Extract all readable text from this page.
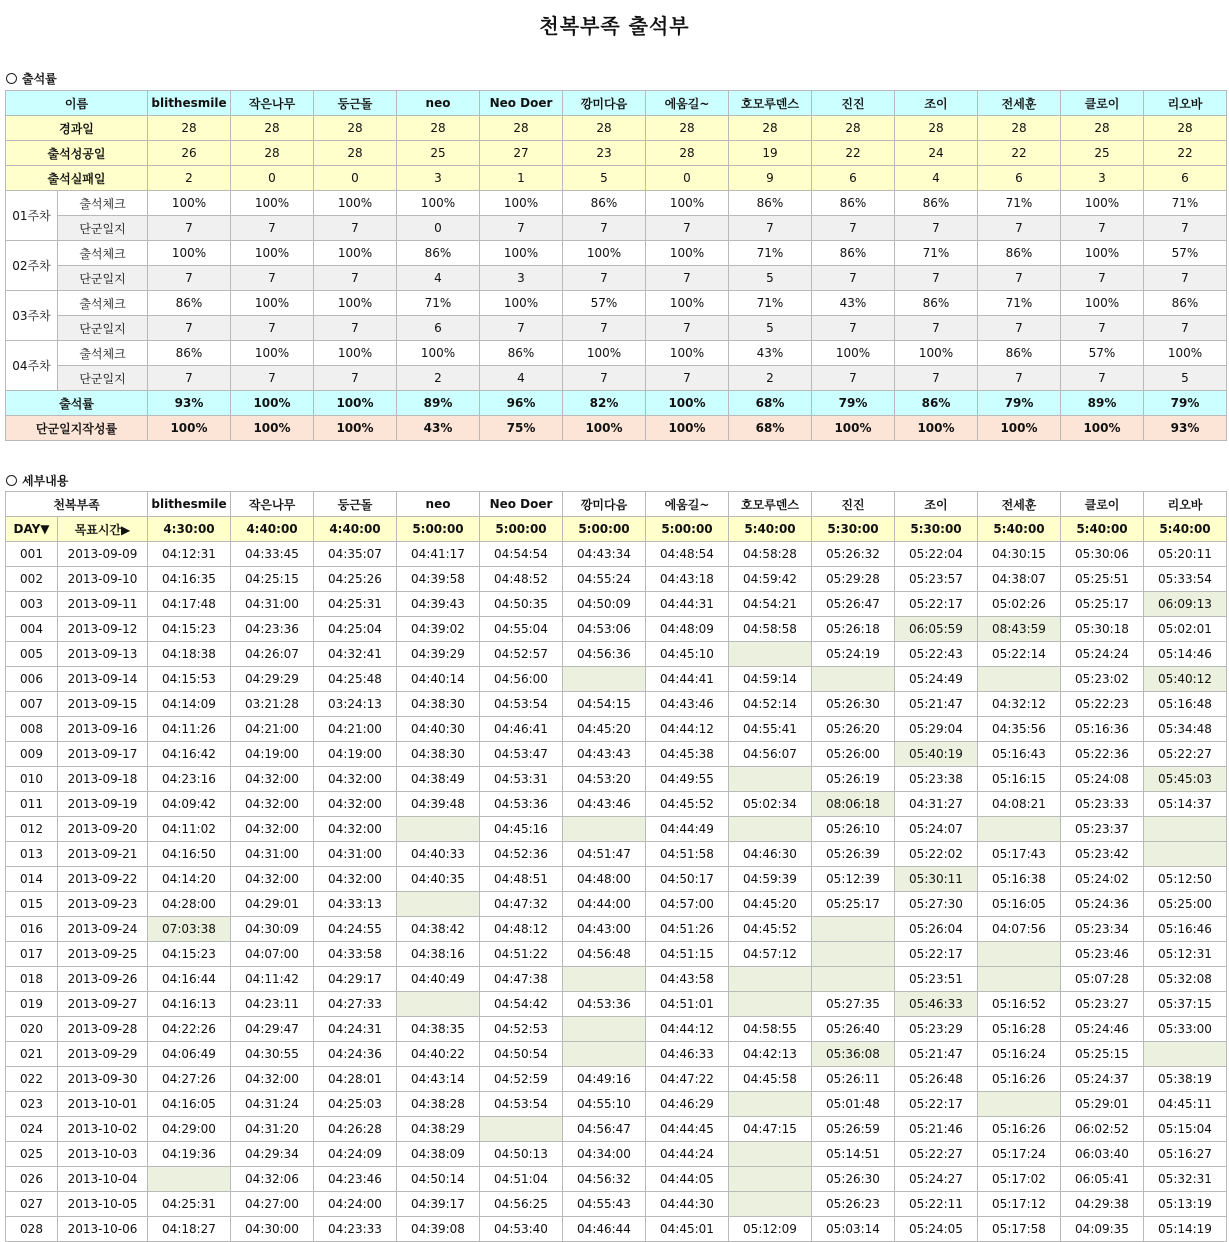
천복부족 출석부
출석률
이름		blithesmile	작은나무	둥근돌	neo	Neo Doer	깡미다음	에움길~	호모루덴스	진진	조이	전세훈	클로이	리오바
경과일		28	28	28	28	28	28	28	28	28	28	28	28	28
출석성공일		26	28	28	25	27	23	28	19	22	24	22	25	22
출석실패일		2	0	0	3	1	5	0	9	6	4	6	3	6
01주차	출석체크	100%	100%	100%	100%	100%	86%	100%	86%	86%	86%	71%	100%	71%
	단군일지	7	7	7	0	7	7	7	7	7	7	7	7	7
02주차	출석체크	100%	100%	100%	86%	100%	100%	100%	71%	86%	71%	86%	100%	57%
	단군일지	7	7	7	4	3	7	7	5	7	7	7	7	7
03주차	출석체크	86%	100%	100%	71%	100%	57%	100%	71%	43%	86%	71%	100%	86%
	단군일지	7	7	7	6	7	7	7	5	7	7	7	7	7
04주차	출석체크	86%	100%	100%	100%	86%	100%	100%	43%	100%	100%	86%	57%	100%
	단군일지	7	7	7	2	4	7	7	2	7	7	7	7	5
출석률		93%	100%	100%	89%	96%	82%	100%	68%	79%	86%	79%	89%	79%
단군일지작성률		100%	100%	100%	43%	75%	100%	100%	68%	100%	100%	100%	100%	93%
세부내용
천복부족		blithesmile	작은나무	둥근돌	neo	Neo Doer	깡미다음	에움길~	호모루덴스	진진	조이	전세훈	클로이	리오바
DAY▼	목표시간▶	4:30:00	4:40:00	4:40:00	5:00:00	5:00:00	5:00:00	5:00:00	5:40:00	5:30:00	5:30:00	5:40:00	5:40:00	5:40:00
001	2013-09-09	04:12:31	04:33:45	04:35:07	04:41:17	04:54:54	04:43:34	04:48:54	04:58:28	05:26:32	05:22:04	04:30:15	05:30:06	05:20:11
002	2013-09-10	04:16:35	04:25:15	04:25:26	04:39:58	04:48:52	04:55:24	04:43:18	04:59:42	05:29:28	05:23:57	04:38:07	05:25:51	05:33:54
003	2013-09-11	04:17:48	04:31:00	04:25:31	04:39:43	04:50:35	04:50:09	04:44:31	04:54:21	05:26:47	05:22:17	05:02:26	05:25:17	06:09:13
004	2013-09-12	04:15:23	04:23:36	04:25:04	04:39:02	04:55:04	04:53:06	04:48:09	04:58:58	05:26:18	06:05:59	08:43:59	05:30:18	05:02:01
005	2013-09-13	04:18:38	04:26:07	04:32:41	04:39:29	04:52:57	04:56:36	04:45:10		05:24:19	05:22:43	05:22:14	05:24:24	05:14:46
006	2013-09-14	04:15:53	04:29:29	04:25:48	04:40:14	04:56:00		04:44:41	04:59:14		05:24:49		05:23:02	05:40:12
007	2013-09-15	04:14:09	03:21:28	03:24:13	04:38:30	04:53:54	04:54:15	04:43:46	04:52:14	05:26:30	05:21:47	04:32:12	05:22:23	05:16:48
008	2013-09-16	04:11:26	04:21:00	04:21:00	04:40:30	04:46:41	04:45:20	04:44:12	04:55:41	05:26:20	05:29:04	04:35:56	05:16:36	05:34:48
009	2013-09-17	04:16:42	04:19:00	04:19:00	04:38:30	04:53:47	04:43:43	04:45:38	04:56:07	05:26:00	05:40:19	05:16:43	05:22:36	05:22:27
010	2013-09-18	04:23:16	04:32:00	04:32:00	04:38:49	04:53:31	04:53:20	04:49:55		05:26:19	05:23:38	05:16:15	05:24:08	05:45:03
011	2013-09-19	04:09:42	04:32:00	04:32:00	04:39:48	04:53:36	04:43:46	04:45:52	05:02:34	08:06:18	04:31:27	04:08:21	05:23:33	05:14:37
012	2013-09-20	04:11:02	04:32:00	04:32:00		04:45:16		04:44:49		05:26:10	05:24:07		05:23:37	
013	2013-09-21	04:16:50	04:31:00	04:31:00	04:40:33	04:52:36	04:51:47	04:51:58	04:46:30	05:26:39	05:22:02	05:17:43	05:23:42	
014	2013-09-22	04:14:20	04:32:00	04:32:00	04:40:35	04:48:51	04:48:00	04:50:17	04:59:39	05:12:39	05:30:11	05:16:38	05:24:02	05:12:50
015	2013-09-23	04:28:00	04:29:01	04:33:13		04:47:32	04:44:00	04:57:00	04:45:20	05:25:17	05:27:30	05:16:05	05:24:36	05:25:00
016	2013-09-24	07:03:38	04:30:09	04:24:55	04:38:42	04:48:12	04:43:00	04:51:26	04:45:52		05:26:04	04:07:56	05:23:34	05:16:46
017	2013-09-25	04:15:23	04:07:00	04:33:58	04:38:16	04:51:22	04:56:48	04:51:15	04:57:12		05:22:17		05:23:46	05:12:31
018	2013-09-26	04:16:44	04:11:42	04:29:17	04:40:49	04:47:38		04:43:58			05:23:51		05:07:28	05:32:08
019	2013-09-27	04:16:13	04:23:11	04:27:33		04:54:42	04:53:36	04:51:01		05:27:35	05:46:33	05:16:52	05:23:27	05:37:15
020	2013-09-28	04:22:26	04:29:47	04:24:31	04:38:35	04:52:53		04:44:12	04:58:55	05:26:40	05:23:29	05:16:28	05:24:46	05:33:00
021	2013-09-29	04:06:49	04:30:55	04:24:36	04:40:22	04:50:54		04:46:33	04:42:13	05:36:08	05:21:47	05:16:24	05:25:15	
022	2013-09-30	04:27:26	04:32:00	04:28:01	04:43:14	04:52:59	04:49:16	04:47:22	04:45:58	05:26:11	05:26:48	05:16:26	05:24:37	05:38:19
023	2013-10-01	04:16:05	04:31:24	04:25:03	04:38:28	04:53:54	04:55:10	04:46:29		05:01:48	05:22:17		05:29:01	04:45:11
024	2013-10-02	04:29:00	04:31:20	04:26:28	04:38:29		04:56:47	04:44:45	04:47:15	05:26:59	05:21:46	05:16:26	06:02:52	05:15:04
025	2013-10-03	04:19:36	04:29:34	04:24:09	04:38:09	04:50:13	04:34:00	04:44:24		05:14:51	05:22:27	05:17:24	06:03:40	05:16:27
026	2013-10-04		04:32:06	04:23:46	04:50:14	04:51:04	04:56:32	04:44:05		05:26:30	05:24:27	05:17:02	06:05:41	05:32:31
027	2013-10-05	04:25:31	04:27:00	04:24:00	04:39:17	04:56:25	04:55:43	04:44:30		05:26:23	05:22:11	05:17:12	04:29:38	05:13:19
028	2013-10-06	04:18:27	04:30:00	04:23:33	04:39:08	04:53:40	04:46:44	04:45:01	05:12:09	05:03:14	05:24:05	05:17:58	04:09:35	05:14:19
